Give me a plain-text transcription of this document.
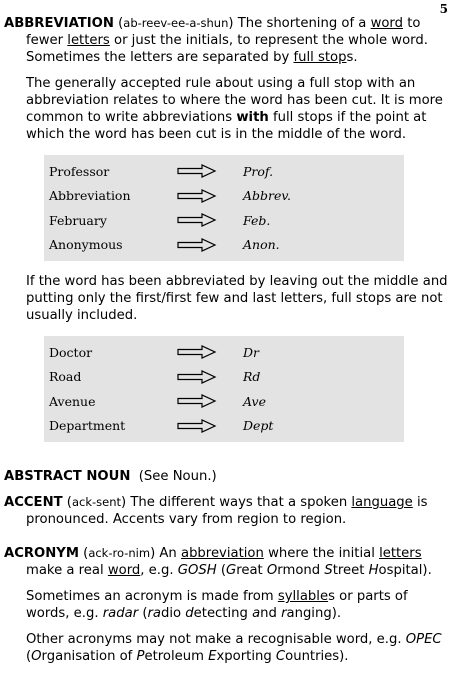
5

ABBREVIATION (ab-reev-ee-a-shun) The shortening of a word to fewer letters or just the initials, to represent the whole word. Sometimes the letters are separated by full stops.

The generally accepted rule about using a full stop with an abbreviation relates to where the word has been cut. It is more common to write abbreviations with full stops if the point at which the word has been cut is in the middle of the word.

Professor	Prof.
Abbreviation	Abbrev.
February	Feb.
Anonymous	Anon.

If the word has been abbreviated by leaving out the middle and putting only the first/first few and last letters, full stops are not usually included.

Doctor	Dr
Road	Rd
Avenue	Ave
Department	Dept

ABSTRACT NOUN  (See Noun.)

ACCENT (ack-sent) The different ways that a spoken language is pronounced. Accents vary from region to region.

ACRONYM (ack-ro-nim) An abbreviation where the initial letters make a real word, e.g. GOSH (Great Ormond Street Hospital).

Sometimes an acronym is made from syllables or parts of words, e.g. radar (radio detecting and ranging).

Other acronyms may not make a recognisable word, e.g. OPEC (Organisation of Petroleum Exporting Countries).
